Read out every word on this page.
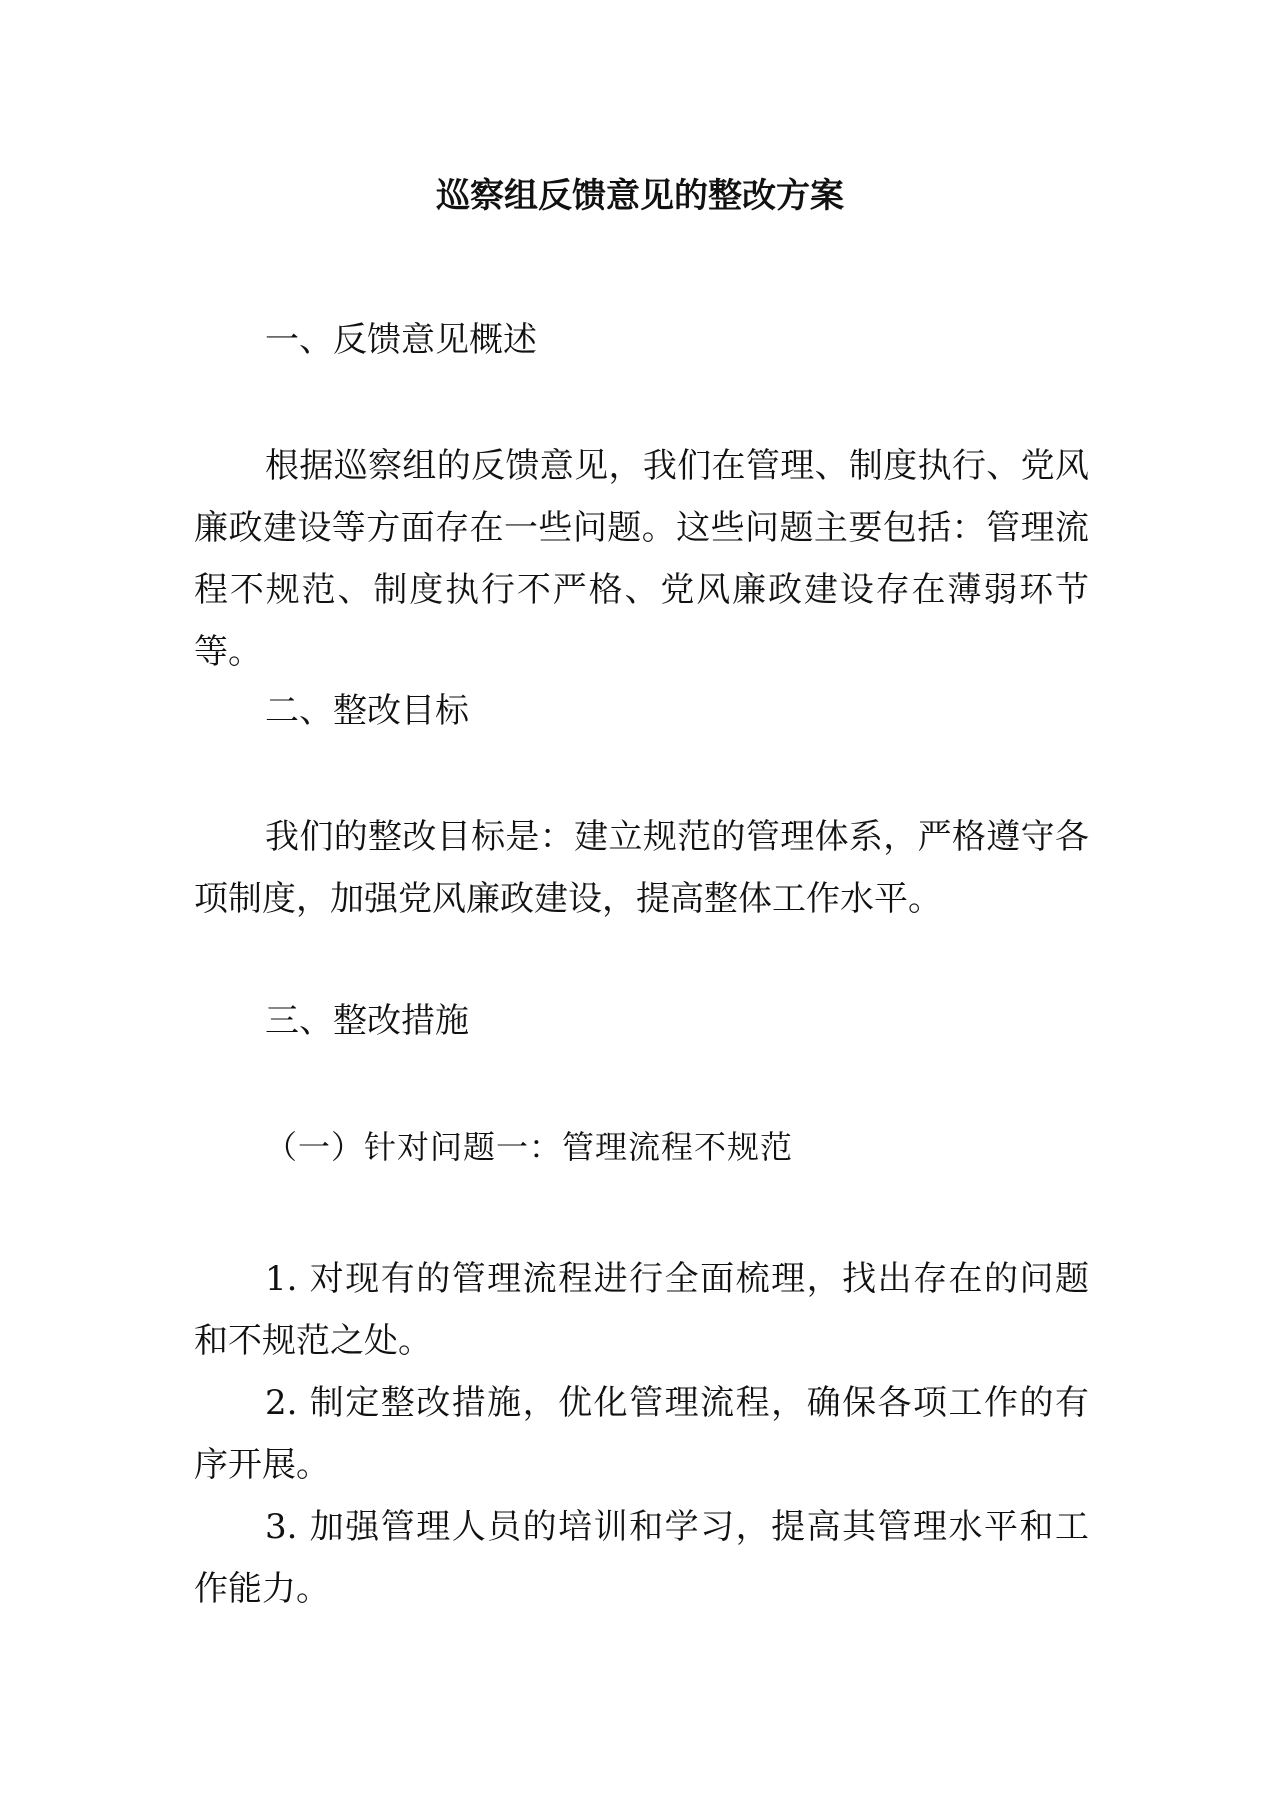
巡察组反馈意见的整改方案
一、反馈意见概述
根据巡察组的反馈意见，我们在管理、制度执行、党风廉政建设等方面存在一些问题。这些问题主要包括：管理流程不规范、制度执行不严格、党风廉政建设存在薄弱环节等。
二、整改目标
我们的整改目标是：建立规范的管理体系，严格遵守各项制度，加强党风廉政建设，提高整体工作水平。
三、整改措施
（一）针对问题一：管理流程不规范
1. 对现有的管理流程进行全面梳理，找出存在的问题和不规范之处。
2. 制定整改措施，优化管理流程，确保各项工作的有序开展。
3. 加强管理人员的培训和学习，提高其管理水平和工作能力。
